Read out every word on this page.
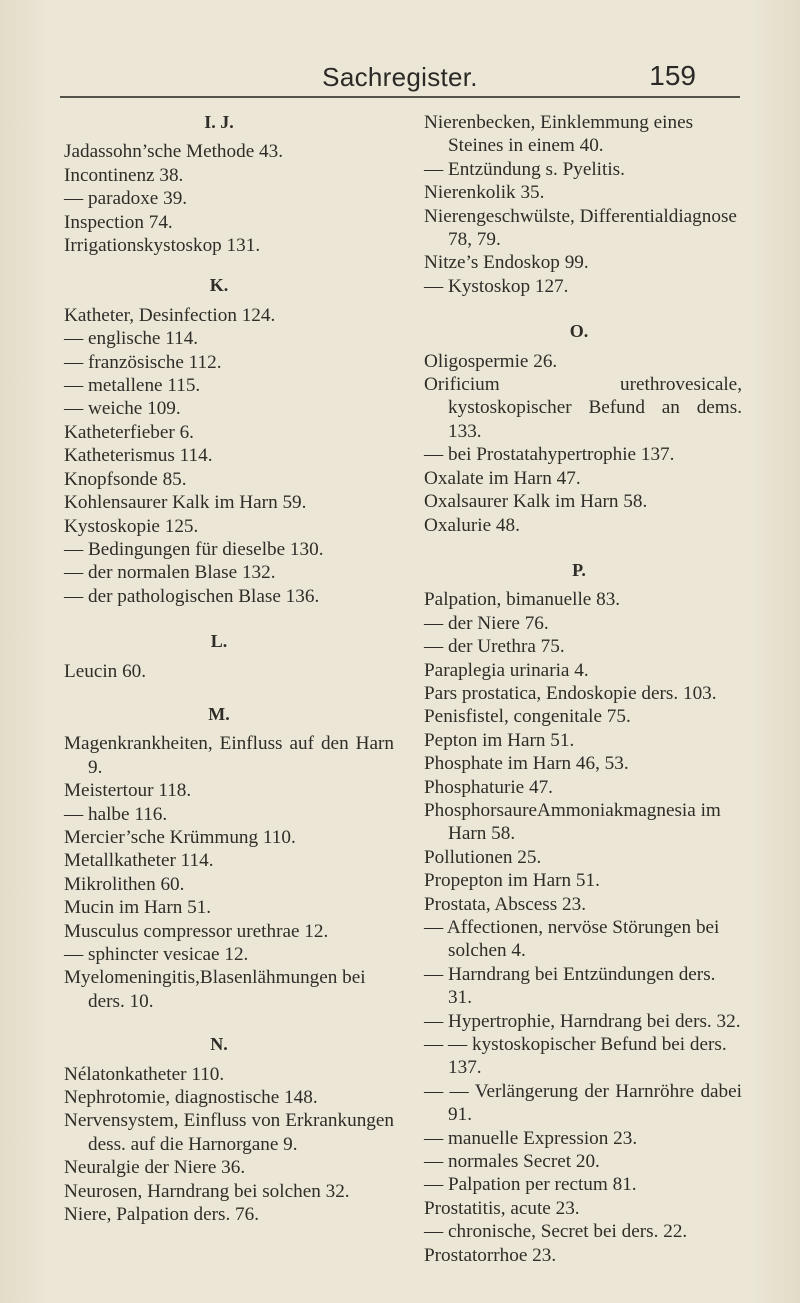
Sachregister.	159
I. J.

Jadassohn’sche Methode 43.

Incontinenz 38.

— paradoxe 39.

Inspection 74.

Irrigationskystoskop 131.

K.

Katheter, Desinfection 124.

— englische 114.

— französische 112.

— metallene 115.

— weiche 109.

Katheterfieber 6.

Katheterismus 114.

Knopfsonde 85.

Kohlensaurer Kalk im Harn 59.

Kystoskopie 125.

— Bedingungen für dieselbe 130.

— der normalen Blase 132.

— der pathologischen Blase 136.

L.

Leucin 60.

M.

Magenkrankheiten, Einfluss auf den Harn 9.

Meistertour 118.

— halbe 116.

Mercier’sche Krümmung 110.

Metallkatheter 114.

Mikrolithen 60.

Mucin im Harn 51.

Musculus compressor urethrae 12.

— sphincter vesicae 12.

Myelomeningitis,Blasenlähmungen bei ders. 10.

N.

Nélatonkatheter 110.

Nephrotomie, diagnostische 148.

Nervensystem, Einfluss von Erkrankungen dess. auf die Harnorgane 9.

Neuralgie der Niere 36.

Neurosen, Harndrang bei solchen 32.

Niere, Palpation ders. 76.

Nierenbecken, Einklemmung eines Steines in einem 40.

— Entzündung s. Pyelitis.

Nierenkolik 35.

Nierengeschwülste, Differentialdiagnose 78, 79.

Nitze’s Endoskop 99.

— Kystoskop 127.

O.

Oligospermie 26.

Orificium urethrovesicale, kystoskopischer Befund an dems. 133.

— bei Prostatahypertrophie 137.

Oxalate im Harn 47.

Oxalsaurer Kalk im Harn 58.

Oxalurie 48.

P.

Palpation, bimanuelle 83.

— der Niere 76.

— der Urethra 75.

Paraplegia urinaria 4.

Pars prostatica, Endoskopie ders. 103.

Penisfistel, congenitale 75.

Pepton im Harn 51.

Phosphate im Harn 46, 53.

Phosphaturie 47.

PhosphorsaureAmmoniakmagnesia im Harn 58.

Pollutionen 25.

Propepton im Harn 51.

Prostata, Abscess 23.

— Affectionen, nervöse Störungen bei solchen 4.

— Harndrang bei Entzündungen ders. 31.

— Hypertrophie, Harndrang bei ders. 32.

— — kystoskopischer Befund bei ders. 137.

— — Verlängerung der Harnröhre dabei 91.

— manuelle Expression 23.

— normales Secret 20.

— Palpation per rectum 81.

Prostatitis, acute 23.

— chronische, Secret bei ders. 22.

Prostatorrhoe 23.
